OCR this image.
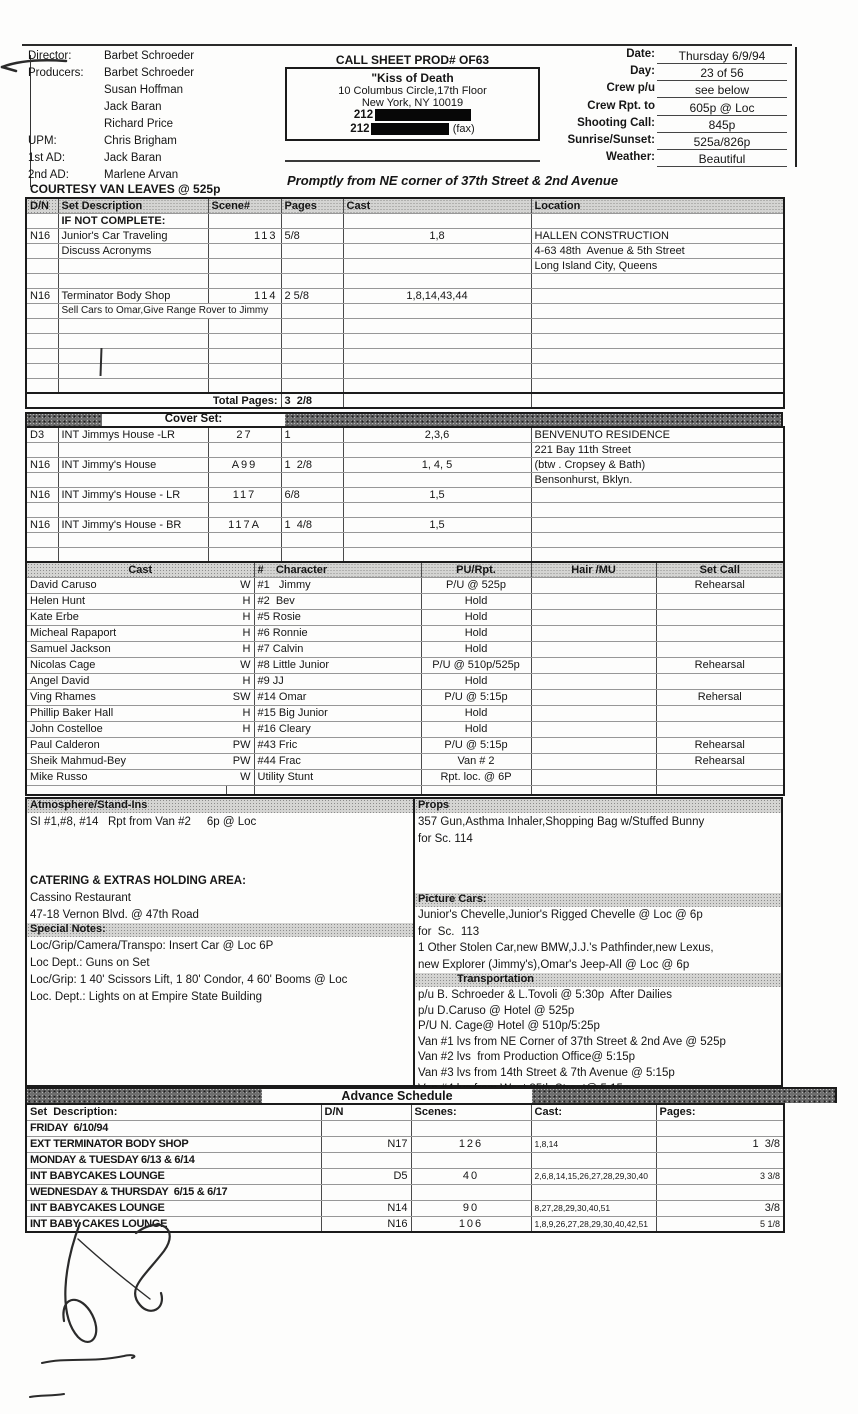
Director:	Barbet Schroeder
Producers: Barbet Schroeder
Susan Hoffman
Jack Baran
Richard Price
UPM:	Chris Brigham
1st AD:	Jack Baran
2nd AD:	Marlene Arvan
COURTESY VAN LEAVES @ 525p
CALL SHEET PROD# OF63
"Kiss of Death
10 Columbus Circle,17th Floor
New York, NY 10019
212
212	(fax)
Promptly from NE corner of 37th Street & 2nd Avenue
Date: Thursday 6/9/94
Day:	23 of 56
Crew p/u	see below
Crew Rpt. to	605p @ Loc
Shooting Call:	845p
Sunrise/Sunset:	525a/826p
Weather:	Beautiful
D/N	Set Description	Scene#	Pages	Cast	Location
	IF NOT COMPLETE:				
N16	Junior's Car Traveling	113	5/8	1,8	HALLEN CONSTRUCTION
	Discuss Acronyms				4-63 48th  Avenue & 5th Street
					Long Island City, Queens

N16	Terminator Body Shop	114	2 5/8	1,8,14,43,44	
	Sell Cars to Omar,Give Range Rover to Jimmy				

Total Pages:			3  2/8		
Cover Set:
D3	INT Jimmys House -LR	27	1	2,3,6	BENVENUTO RESIDENCE
					221 Bay 11th Street
N16	INT Jimmy's House	A99	1  2/8	1, 4, 5	(btw . Cropsey & Bath)
					Bensonhurst, Bklyn.
N16	INT Jimmy's House - LR	117	6/8	1,5	

N16	INT Jimmy's House - BR	117A	1  4/8	1,5	

Cast		#    Character	PU/Rpt.	Hair /MU	Set Call
David Caruso	W	#1   Jimmy	P/U @ 525p		Rehearsal
Helen Hunt	H	#2  Bev	Hold		
Kate Erbe	H	#5 Rosie	Hold		
Micheal Rapaport	H	#6 Ronnie	Hold		
Samuel Jackson	H	#7 Calvin	Hold		
Nicolas Cage	W	#8 Little Junior	P/U @ 510p/525p		Rehearsal
Angel David	H	#9 JJ	Hold		
Ving Rhames	SW	#14 Omar	P/U @ 5:15p		Rehersal
Phillip Baker Hall	H	#15 Big Junior	Hold		
John Costelloe	H	#16 Cleary	Hold		
Paul Calderon	PW	#43 Fric	P/U @ 5:15p		Rehearsal
Sheik Mahmud-Bey	PW	#44 Frac	Van # 2		Rehearsal
Mike Russo	W	Utility Stunt	Rpt. loc. @ 6P		

Atmosphere/Stand-Ins
SI #1,#8, #14   Rpt from Van #2     6p @ Loc
CATERING & EXTRAS HOLDING AREA:
Cassino Restaurant
47-18 Vernon Blvd. @ 47th Road
Special Notes:
Loc/Grip/Camera/Transpo: Insert Car @ Loc 6P
Loc Dept.: Guns on Set
Loc/Grip: 1 40' Scissors Lift, 1 80' Condor, 4 60' Booms @ Loc
Loc. Dept.: Lights on at Empire State Building
Props
357 Gun,Asthma Inhaler,Shopping Bag w/Stuffed Bunny
for Sc. 114
Picture Cars:
Junior's Chevelle,Junior's Rigged Chevelle @ Loc @ 6p
for  Sc.  113
1 Other Stolen Car,new BMW,J.J.'s Pathfinder,new Lexus,
new Explorer (Jimmy's),Omar's Jeep-All @ Loc @ 6p
Transportation
p/u B. Schroeder & L.Tovoli @ 5:30p  After Dailies
p/u D.Caruso @ Hotel @ 525p
P/U N. Cage@ Hotel @ 510p/5:25p
Van #1 lvs from NE Corner of 37th Street & 2nd Ave @ 525p
Van #2 lvs  from Production Office@ 5:15p
Van #3 lvs from 14th Street & 7th Avenue @ 5:15p
Advance Schedule
Set  Description:	D/N	Scenes:	Cast:	Pages:
FRIDAY  6/10/94				
EXT TERMINATOR BODY SHOP	N17	126	1,8,14	1  3/8
MONDAY & TUESDAY 6/13 & 6/14				
INT BABYCAKES LOUNGE	D5	40	2,6,8,14,15,26,27,28,29,30,40	3 3/8
WEDNESDAY & THURSDAY  6/15 & 6/17				
INT BABYCAKES LOUNGE	N14	90	8,27,28,29,30,40,51	3/8
INT BABY CAKES LOUNGE	N16	106	1,8,9,26,27,28,29,30,40,42,51	5 1/8
